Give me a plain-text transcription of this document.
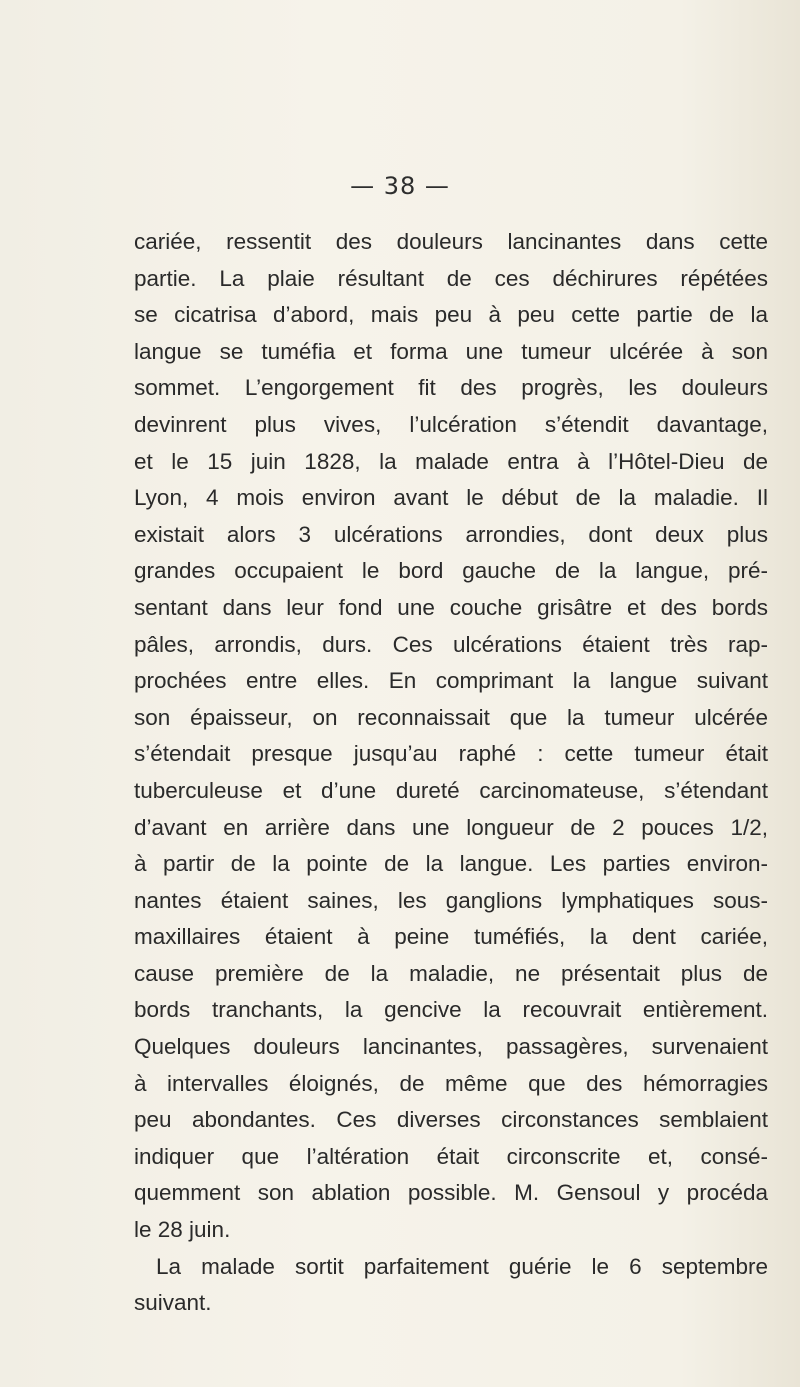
— 38 —
cariée, ressentit des douleurs lancinantes dans cette
partie. La plaie résultant de ces déchirures répétées
se cicatrisa d’abord, mais peu à peu cette partie de la
langue se tuméfia et forma une tumeur ulcérée à son
sommet. L’engorgement fit des progrès, les douleurs
devinrent plus vives, l’ulcération s’étendit davantage,
et le 15 juin 1828, la malade entra à l’Hôtel-Dieu de
Lyon, 4 mois environ avant le début de la maladie. Il
existait alors 3 ulcérations arrondies, dont deux plus
grandes occupaient le bord gauche de la langue, pré-
sentant dans leur fond une couche grisâtre et des bords
pâles, arrondis, durs. Ces ulcérations étaient très rap-
prochées entre elles. En comprimant la langue suivant
son épaisseur, on reconnaissait que la tumeur ulcérée
s’étendait presque jusqu’au raphé : cette tumeur était
tuberculeuse et d’une dureté carcinomateuse, s’étendant
d’avant en arrière dans une longueur de 2 pouces 1/2,
à partir de la pointe de la langue. Les parties environ-
nantes étaient saines, les ganglions lymphatiques sous-
maxillaires étaient à peine tuméfiés, la dent cariée,
cause première de la maladie, ne présentait plus de
bords tranchants, la gencive la recouvrait entièrement.
Quelques douleurs lancinantes, passagères, survenaient
à intervalles éloignés, de même que des hémorragies
peu abondantes. Ces diverses circonstances semblaient
indiquer que l’altération était circonscrite et, consé-
quemment son ablation possible. M. Gensoul y procéda
le 28 juin.
La malade sortit parfaitement guérie le 6 septembre
suivant.
